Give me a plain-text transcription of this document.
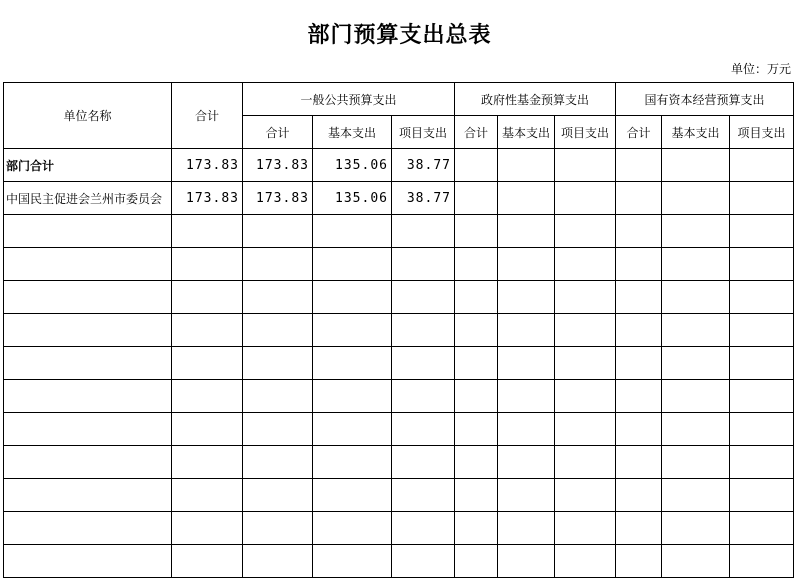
部门预算支出总表
单位：万元
单位名称	合计	一般公共预算支出			政府性基金预算支出			国有资本经营预算支出		
		合计	基本支出	项目支出	合计	基本支出	项目支出	合计	基本支出	项目支出
部门合计	173.83	173.83	135.06	38.77						
中国民主促进会兰州市委员会	173.83	173.83	135.06	38.77						
